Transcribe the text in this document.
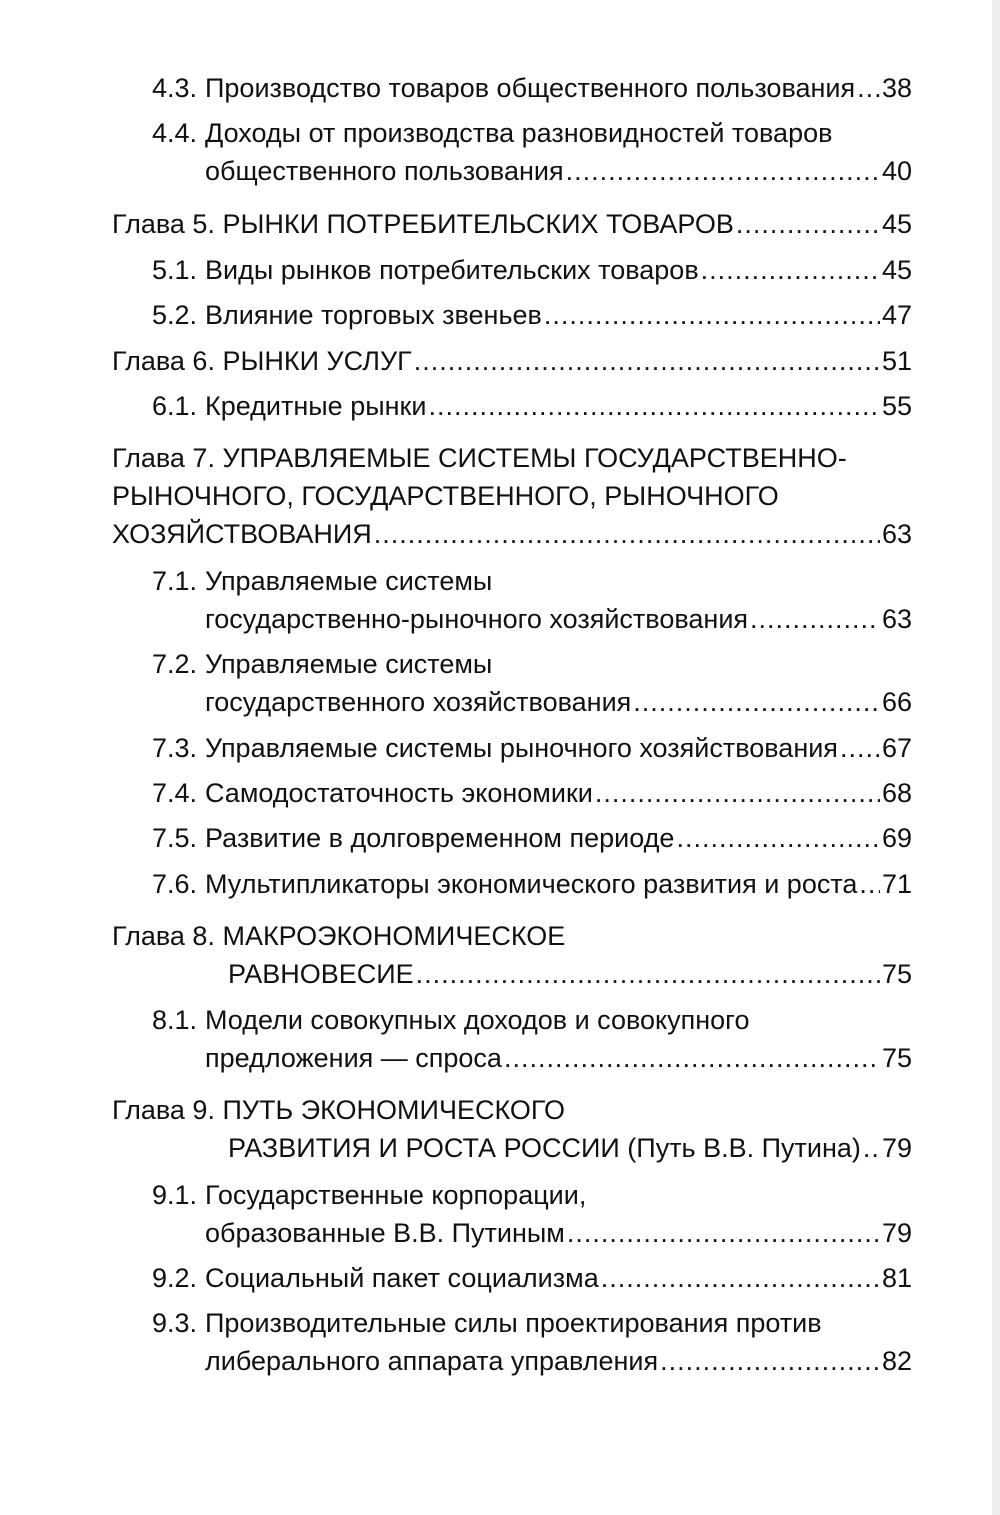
4.3. Производство товаров общественного пользования ..... 38
4.4. Доходы от производства разновидностей товаров
общественного пользования .....	40
Глава 5. РЫНКИ ПОТРЕБИТЕЛЬСКИХ ТОВАРОВ .....	45
5.1. Виды рынков потребительских товаров .....	45
5.2. Влияние торговых звеньев .....	47
Глава 6. РЫНКИ УСЛУГ .....	51
6.1. Кредитные рынки .....	55
Глава 7. УПРАВЛЯЕМЫЕ СИСТЕМЫ ГОСУДАРСТВЕННО-
РЫНОЧНОГО, ГОСУДАРСТВЕННОГО, РЫНОЧНОГО
ХОЗЯЙСТВОВАНИЯ .....	63
7.1. Управляемые системы
государственно-рыночного хозяйствования .....	63
7.2. Управляемые системы
государственного хозяйствования .....	66
7.3. Управляемые системы рыночного хозяйствования ..... 67
7.4. Самодостаточность экономики .....	68
7.5. Развитие в долговременном периоде .....	69
7.6. Мультипликаторы экономического развития и роста ..... 71
Глава 8. МАКРОЭКОНОМИЧЕСКОЕ
РАВНОВЕСИЕ .....	75
8.1. Модели совокупных доходов и совокупного
предложения — спроса .....	75
Глава 9. ПУТЬ ЭКОНОМИЧЕСКОГО
РАЗВИТИЯ И РОСТА РОССИИ (Путь В.В. Путина) ..... 79
9.1. Государственные корпорации,
образованные В.В. Путиным .....	79
9.2. Социальный пакет социализма .....	81
9.3. Производительные силы проектирования против
либерального аппарата управления .....	82
